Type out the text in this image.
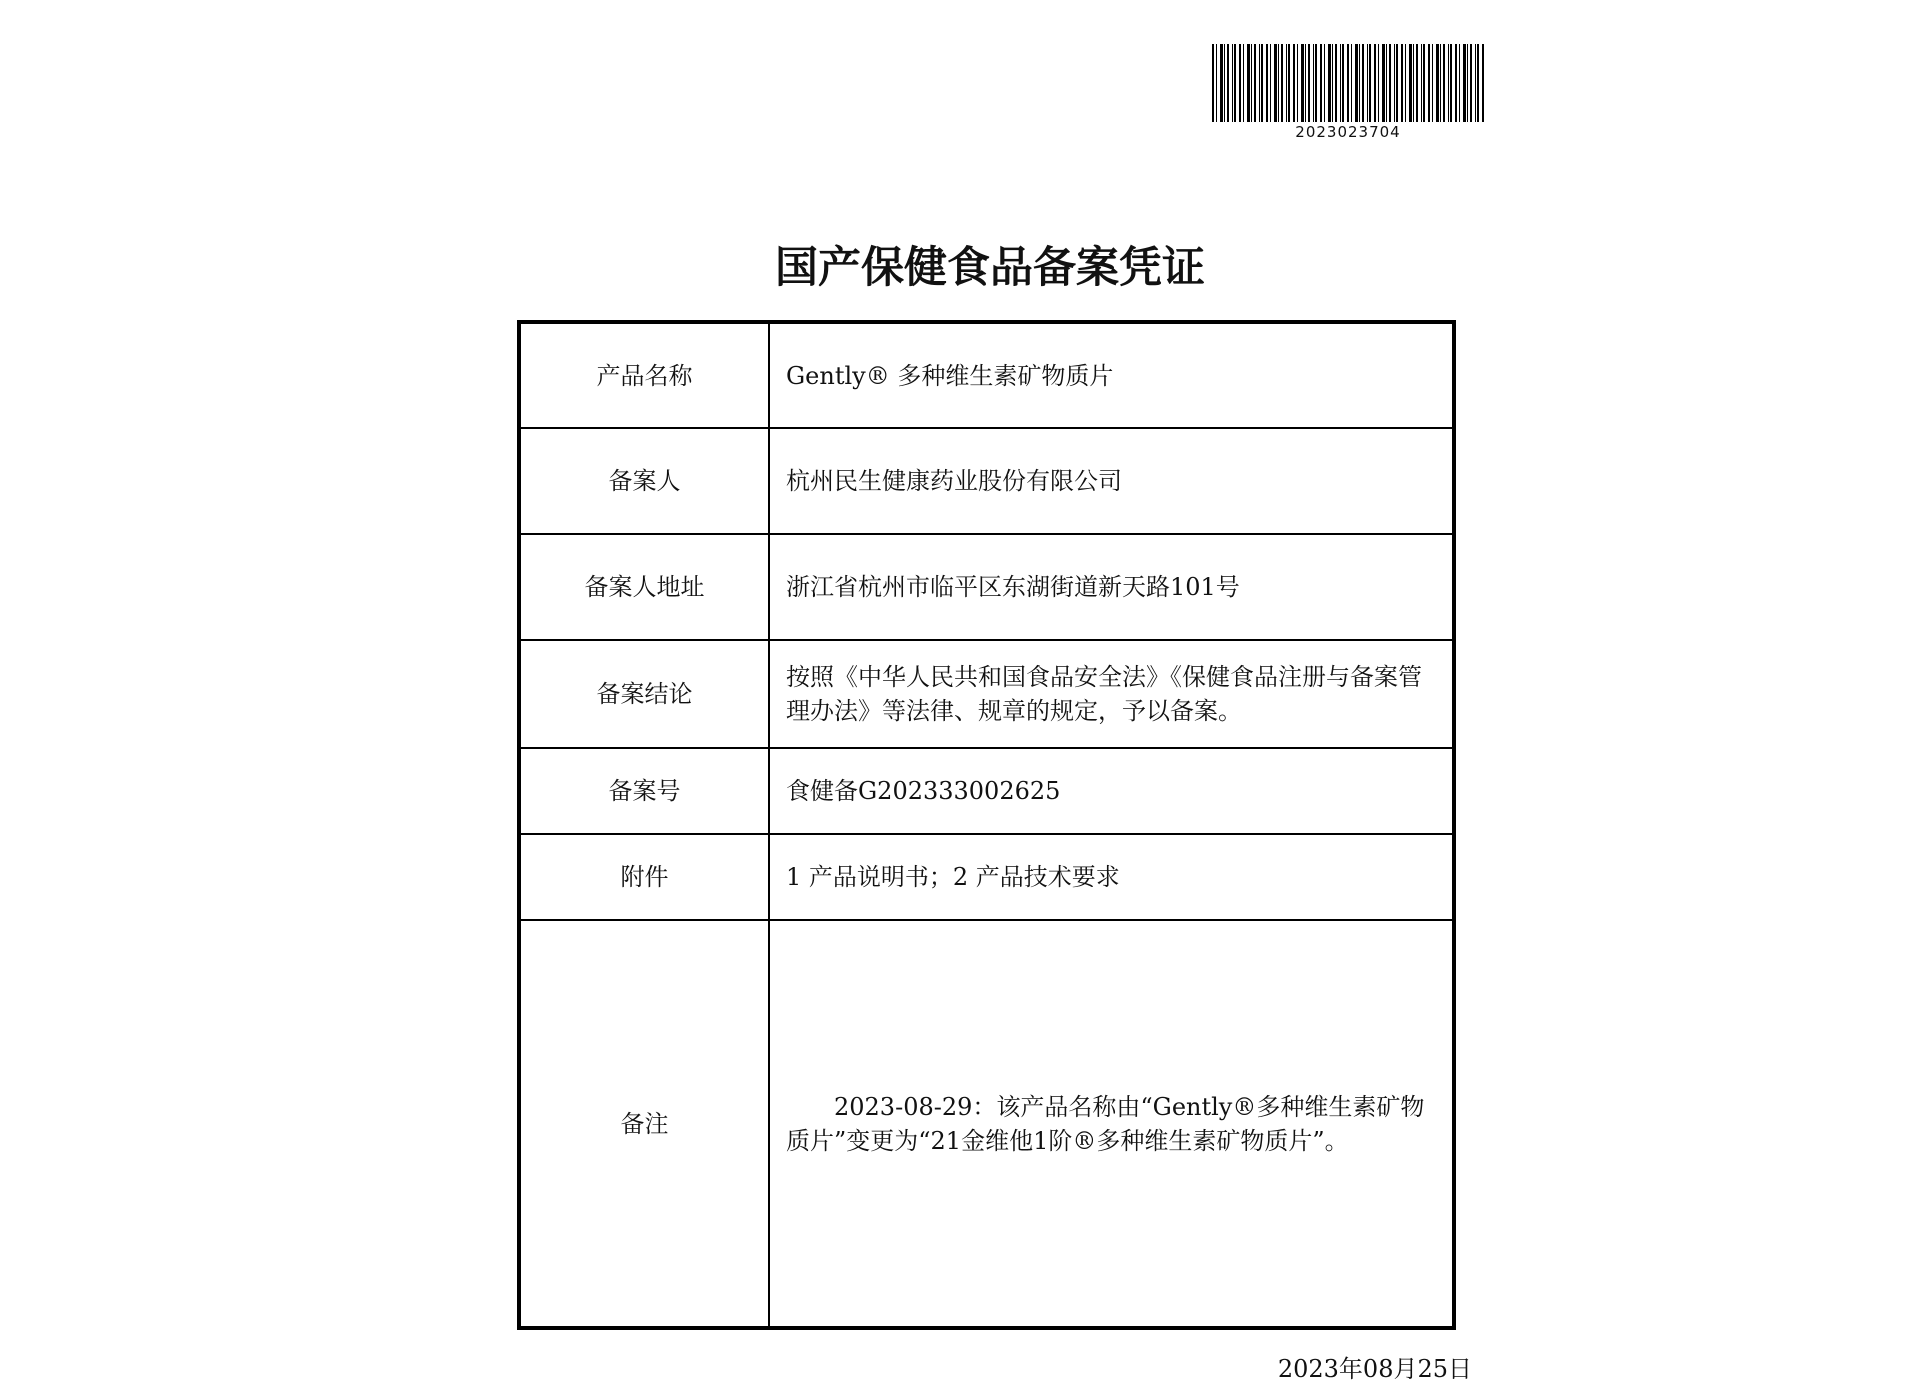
2023023704
国产保健食品备案凭证
产品名称	Gently® 多种维生素矿物质片
备案人	杭州民生健康药业股份有限公司
备案人地址	浙江省杭州市临平区东湖街道新天路101号
备案结论	按照《中华人民共和国食品安全法》《保健食品注册与备案管理办法》等法律、规章的规定，予以备案。
备案号	食健备G202333002625
附件	1 产品说明书；2 产品技术要求
备注	2023-08-29：该产品名称由“Gently®多种维生素矿物质片”变更为“21金维他1阶®多种维生素矿物质片”。
2023年08月25日
